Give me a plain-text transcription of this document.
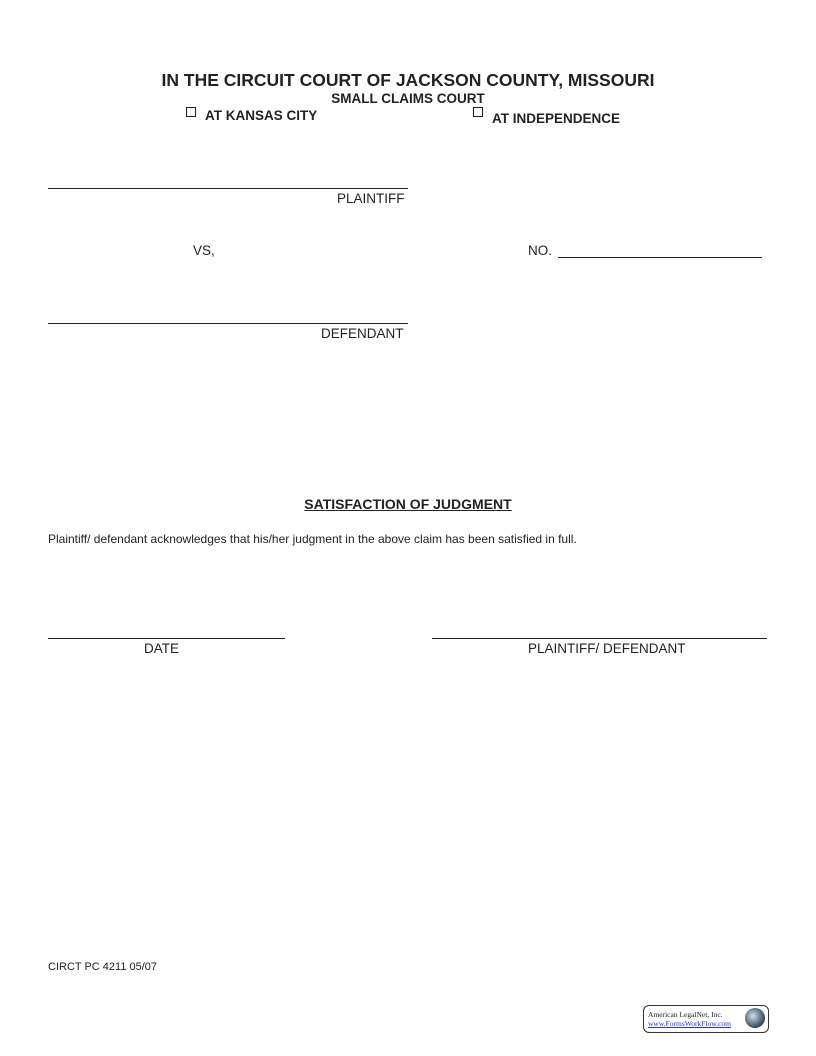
IN THE CIRCUIT COURT OF JACKSON COUNTY, MISSOURI
SMALL CLAIMS COURT
AT KANSAS CITY	AT INDEPENDENCE
PLAINTIFF
VS,	NO.
DEFENDANT
SATISFACTION OF JUDGMENT
Plaintiff/ defendant acknowledges that his/her judgment in the above claim has been satisfied in full.
DATE	PLAINTIFF/ DEFENDANT
CIRCT PC 4211 05/07
American LegalNet, Inc.
www.FormsWorkFlow.com
